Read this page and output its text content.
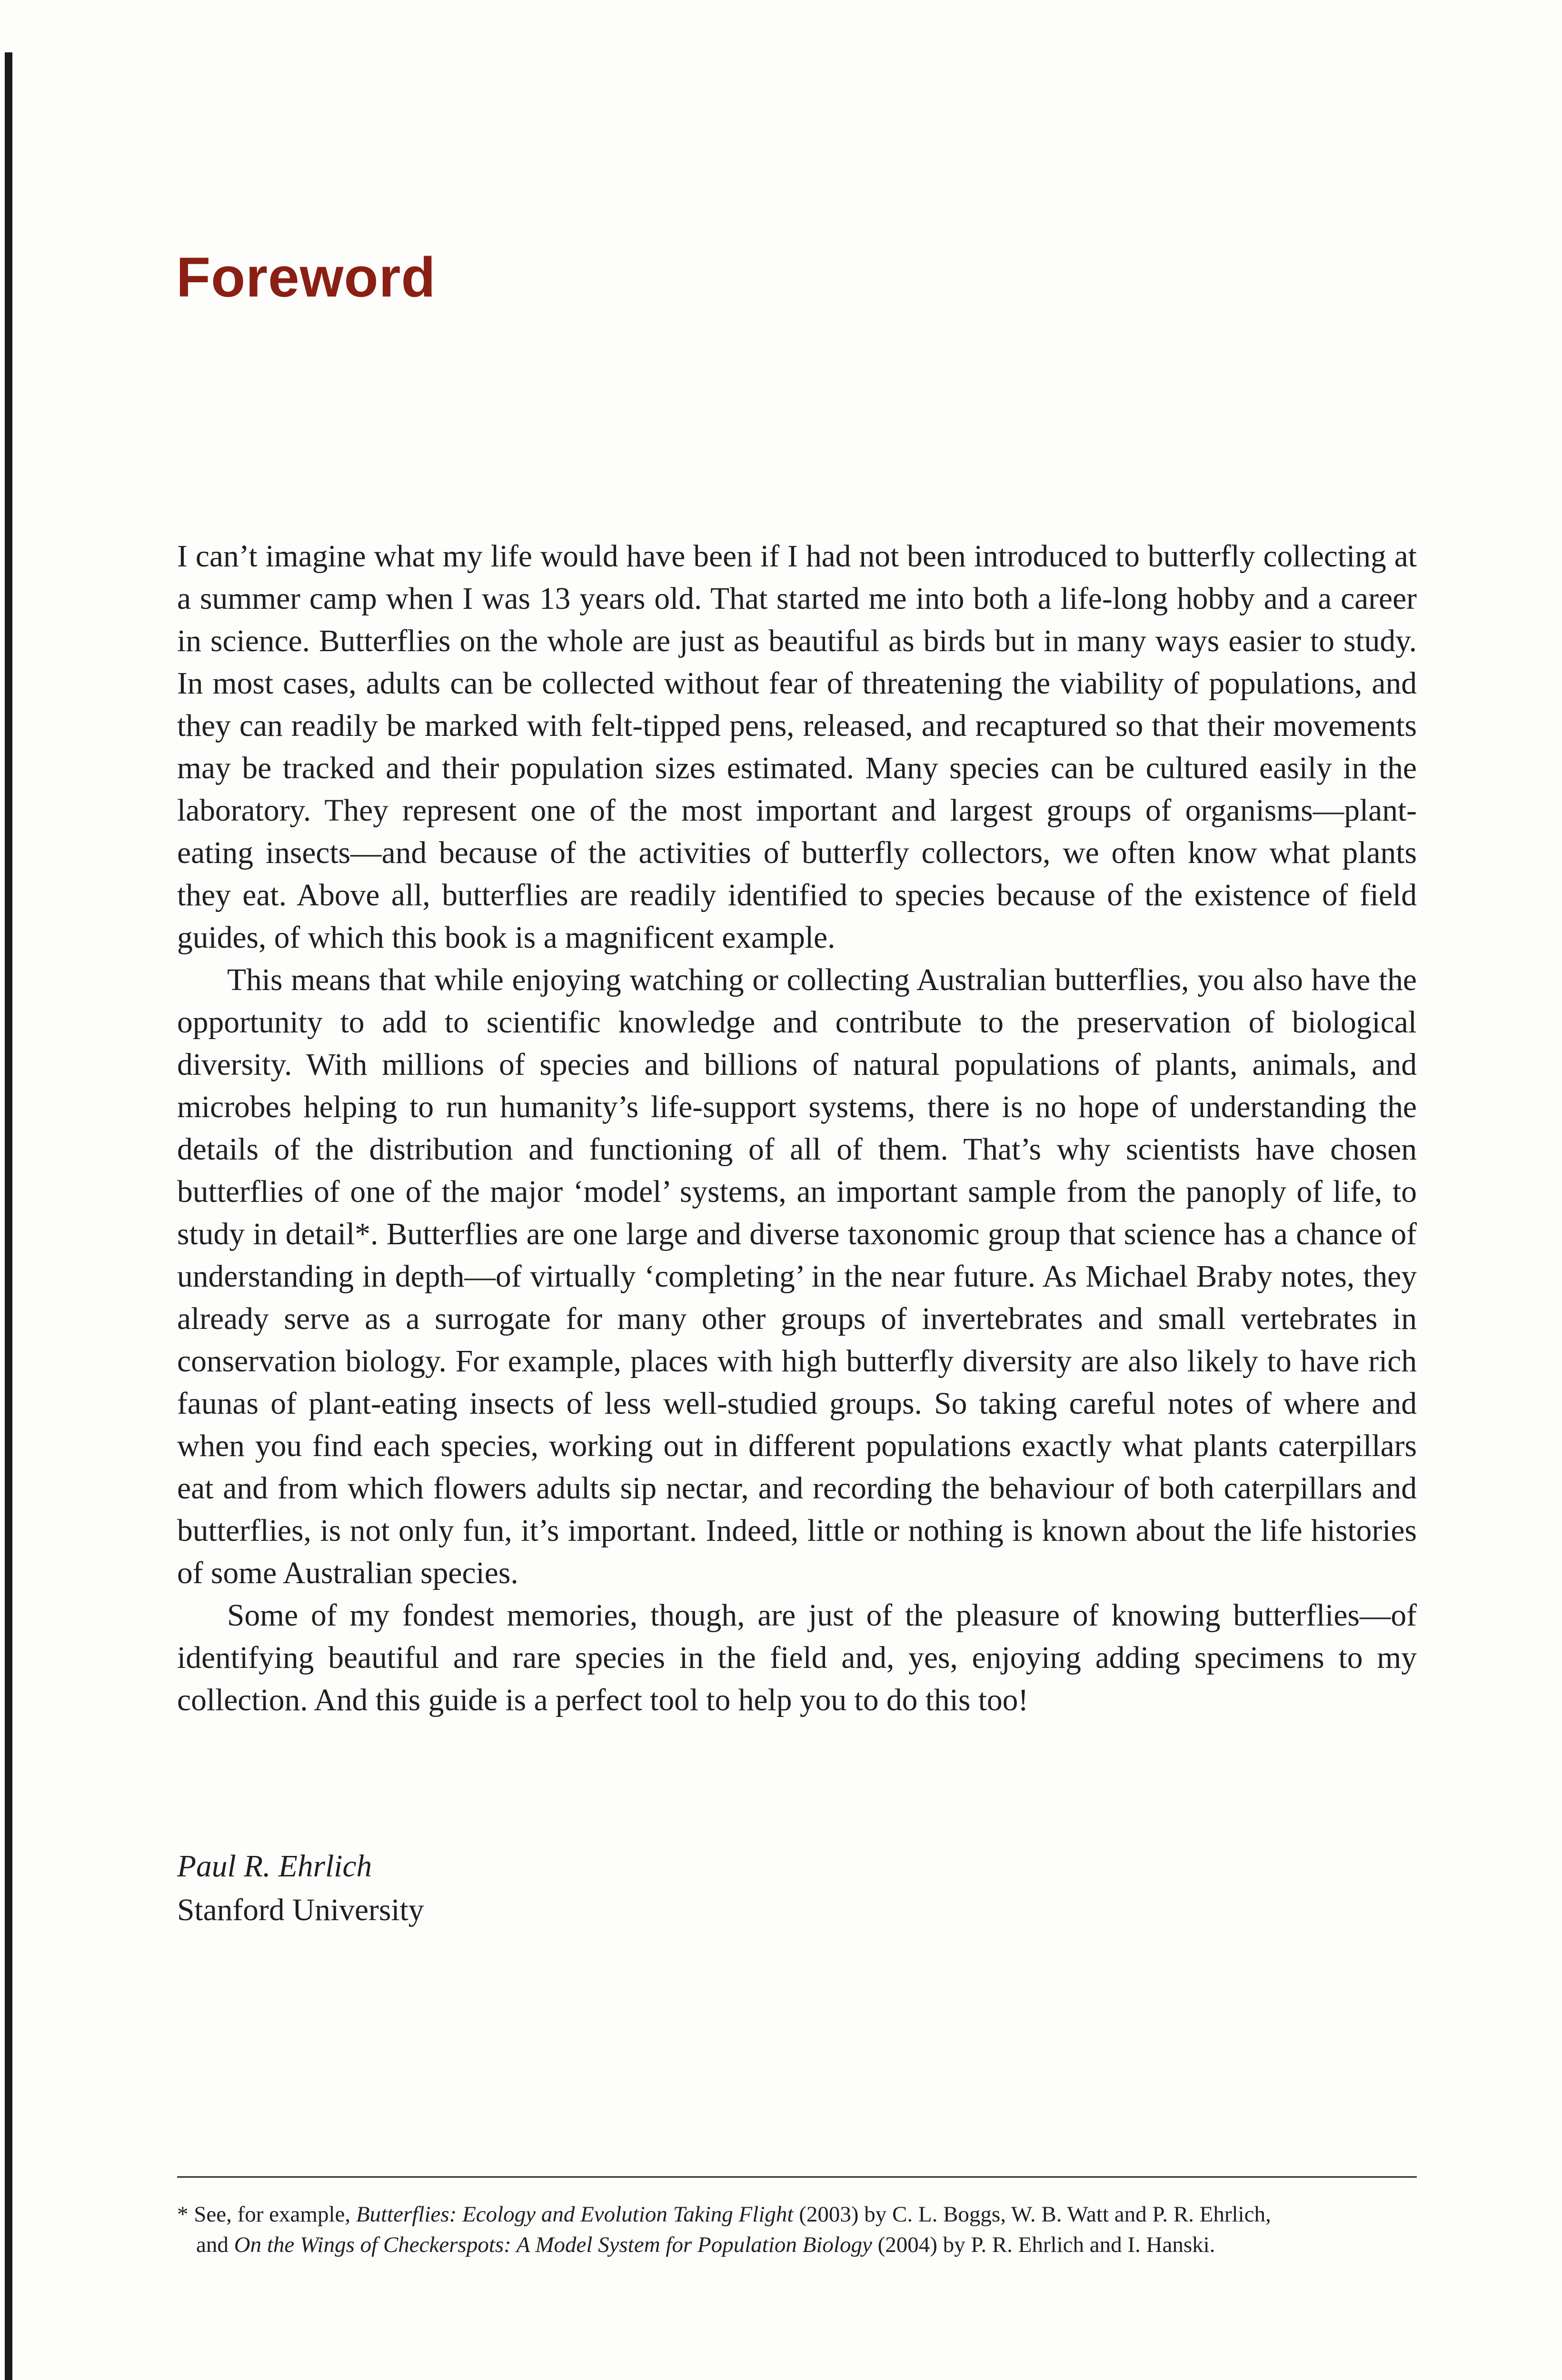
Foreword

I can’t imagine what my life would have been if I had not been introduced to butterfly collecting at a summer camp when I was 13 years old. That started me into both a life-long hobby and a career in science. Butterflies on the whole are just as beautiful as birds but in many ways easier to study. In most cases, adults can be collected without fear of threatening the viability of populations, and they can readily be marked with felt-tipped pens, released, and recaptured so that their movements may be tracked and their population sizes estimated. Many species can be cultured easily in the laboratory. They represent one of the most important and largest groups of organisms—plant-eating insects—and because of the activities of butterfly collectors, we often know what plants they eat. Above all, butterflies are readily identified to species because of the existence of field guides, of which this book is a magnificent example.

This means that while enjoying watching or collecting Australian butterflies, you also have the opportunity to add to scientific knowledge and contribute to the preservation of biological diversity. With millions of species and billions of natural populations of plants, animals, and microbes helping to run humanity’s life-support systems, there is no hope of understanding the details of the distribution and functioning of all of them. That’s why scientists have chosen butterflies of one of the major ‘model’ systems, an important sample from the panoply of life, to study in detail*. Butterflies are one large and diverse taxonomic group that science has a chance of understanding in depth—of virtually ‘completing’ in the near future. As Michael Braby notes, they already serve as a surrogate for many other groups of invertebrates and small vertebrates in conservation biology. For example, places with high butterfly diversity are also likely to have rich faunas of plant-eating insects of less well-studied groups. So taking careful notes of where and when you find each species, working out in different populations exactly what plants caterpillars eat and from which flowers adults sip nectar, and recording the behaviour of both caterpillars and butterflies, is not only fun, it’s important. Indeed, little or nothing is known about the life histories of some Australian species.

Some of my fondest memories, though, are just of the pleasure of knowing butterflies—of identifying beautiful and rare species in the field and, yes, enjoying adding specimens to my collection. And this guide is a perfect tool to help you to do this too!

Paul R. Ehrlich
Stanford University

* See, for example, Butterflies: Ecology and Evolution Taking Flight (2003) by C. L. Boggs, W. B. Watt and P. R. Ehrlich,

and On the Wings of Checkerspots: A Model System for Population Biology (2004) by P. R. Ehrlich and I. Hanski.
